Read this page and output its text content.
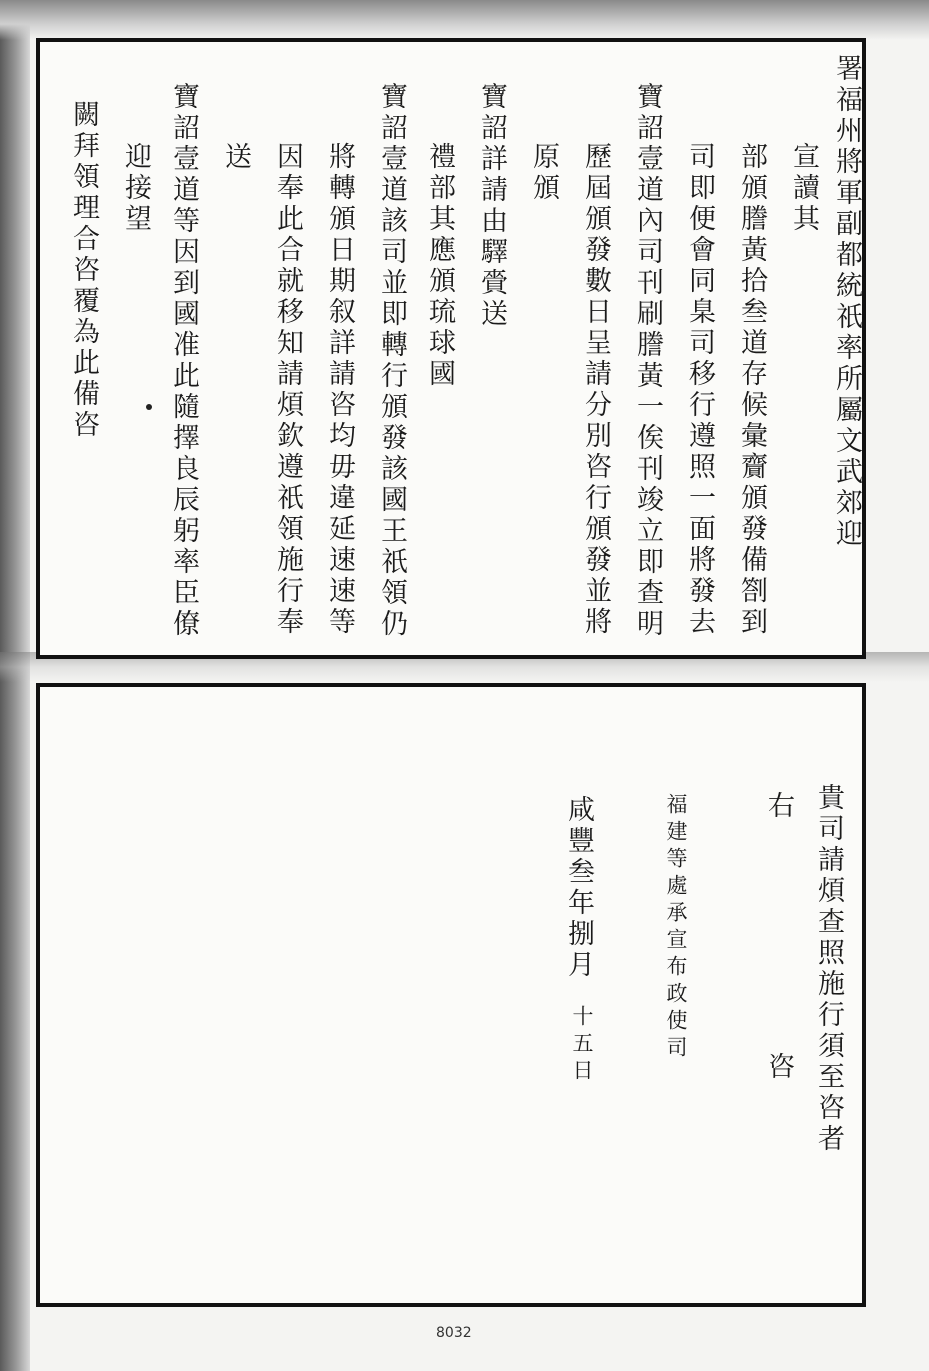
署福州將軍副都統祇率所屬文武郊迎
宣讀其
部頒謄黃拾叁道存候彙齎頒發備劄到
司即便會同臬司移行遵照一面將發去
寶詔壹道內司刊刷謄黃一俟刊竣立即查明
歷屆頒發數日呈請分別咨行頒發並將
原頒
寶詔詳請由驛賫送
禮部其應頒琉球國
寶詔壹道該司並即轉行頒發該國王祇領仍
將轉頒日期叙詳請咨均毋違延速速等
因奉此合就移知請煩欽遵祇領施行奉
送
寶詔壹道等因到國准此隨擇良辰躬率臣僚
迎接望
闕拜領理合咨覆為此備咨
貴司請煩查照施行須至咨者
右
咨
福建等處承宣布政使司
咸豐叁年捌月
十五日
8032
